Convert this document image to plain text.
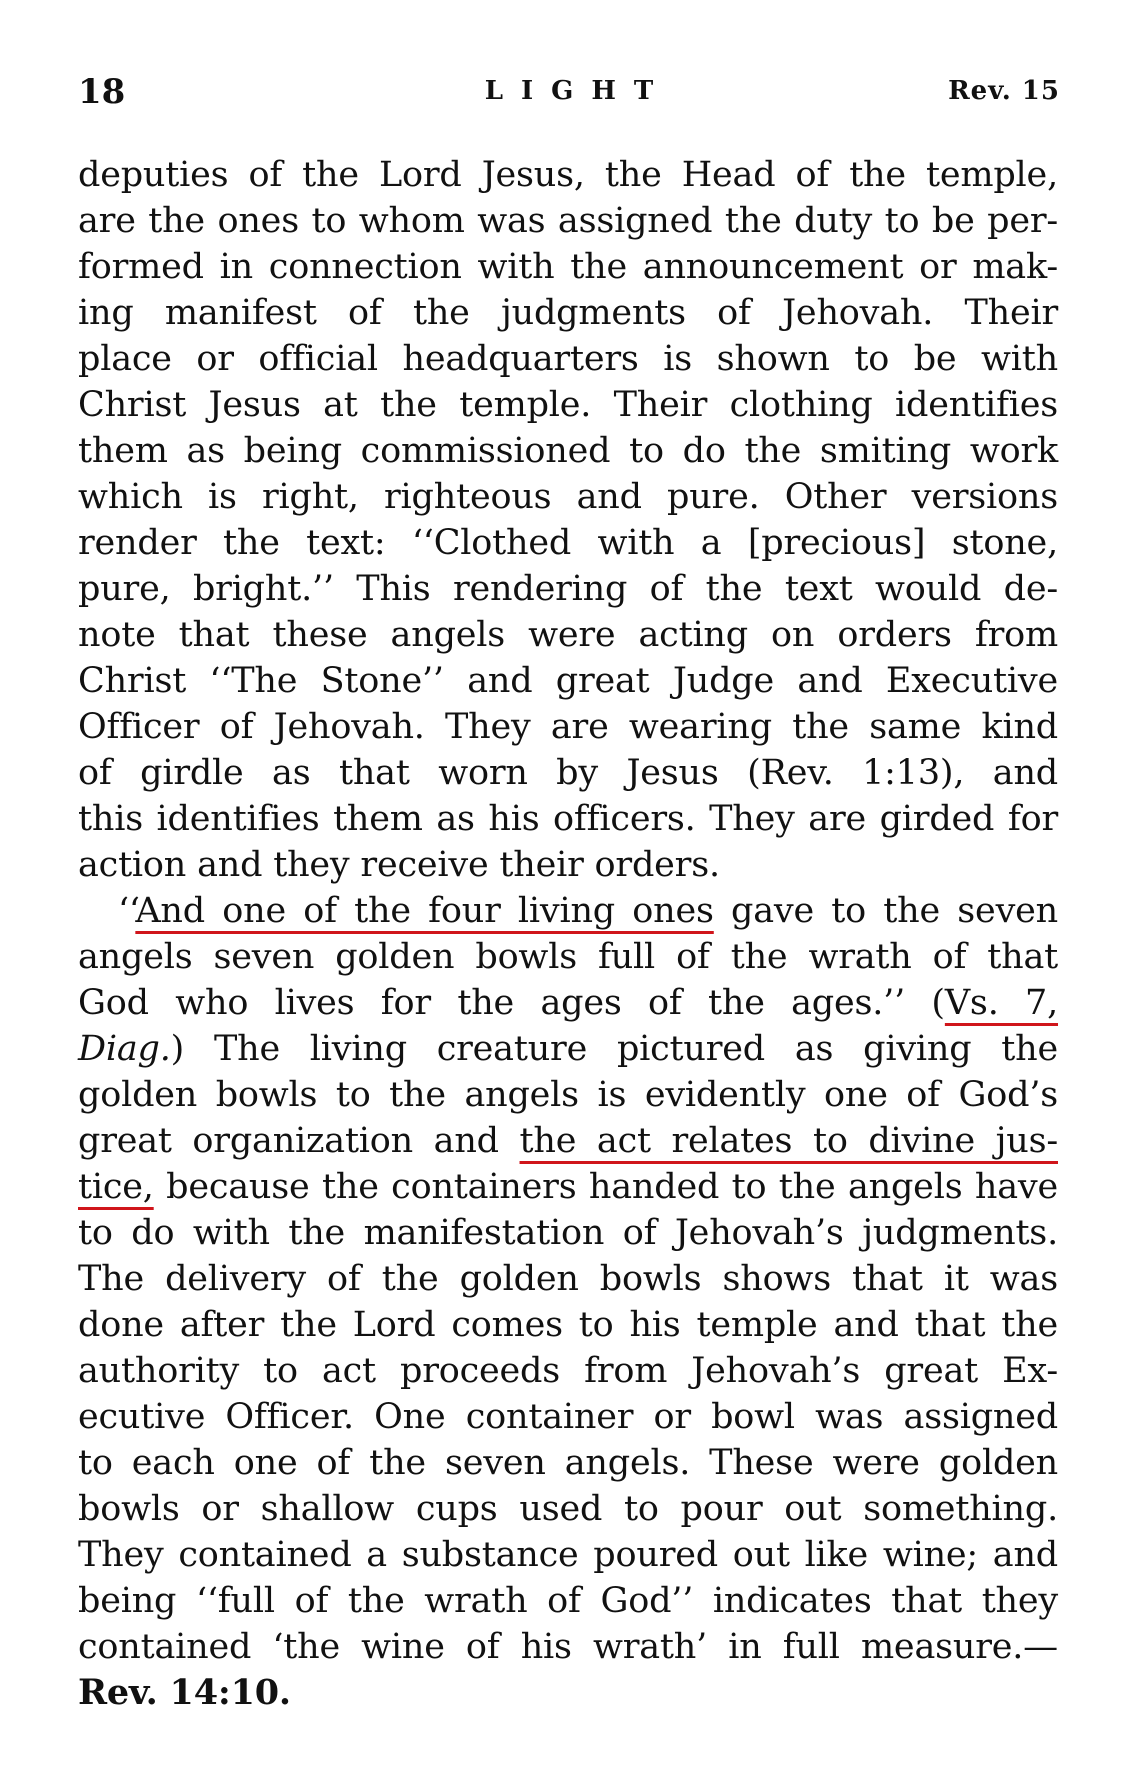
18	LIGHT	Rev. 15
deputies of the Lord Jesus, the Head of the temple,
are the ones to whom was assigned the duty to be per-
formed in connection with the announcement or mak-
ing manifest of the judgments of Jehovah. Their
place or official headquarters is shown to be with
Christ Jesus at the temple. Their clothing identifies
them as being commissioned to do the smiting work
which is right, righteous and pure. Other versions
render the text: ‘‘Clothed with a [precious] stone,
pure, bright.’’ This rendering of the text would de-
note that these angels were acting on orders from
Christ ‘‘The Stone’’ and great Judge and Executive
Officer of Jehovah. They are wearing the same kind
of girdle as that worn by Jesus (Rev. 1:13), and
this identifies them as his officers. They are girded for
action and they receive their orders.
‘‘And one of the four living ones gave to the seven
angels seven golden bowls full of the wrath of that
God who lives for the ages of the ages.’’ (Vs. 7,
Diag.) The living creature pictured as giving the
golden bowls to the angels is evidently one of God’s
great organization and the act relates to divine jus-
tice, because the containers handed to the angels have
to do with the manifestation of Jehovah’s judgments.
The delivery of the golden bowls shows that it was
done after the Lord comes to his temple and that the
authority to act proceeds from Jehovah’s great Ex-
ecutive Officer. One container or bowl was assigned
to each one of the seven angels. These were golden
bowls or shallow cups used to pour out something.
They contained a substance poured out like wine; and
being ‘‘full of the wrath of God’’ indicates that they
contained ‘the wine of his wrath’ in full measure.—
Rev. 14:10.
